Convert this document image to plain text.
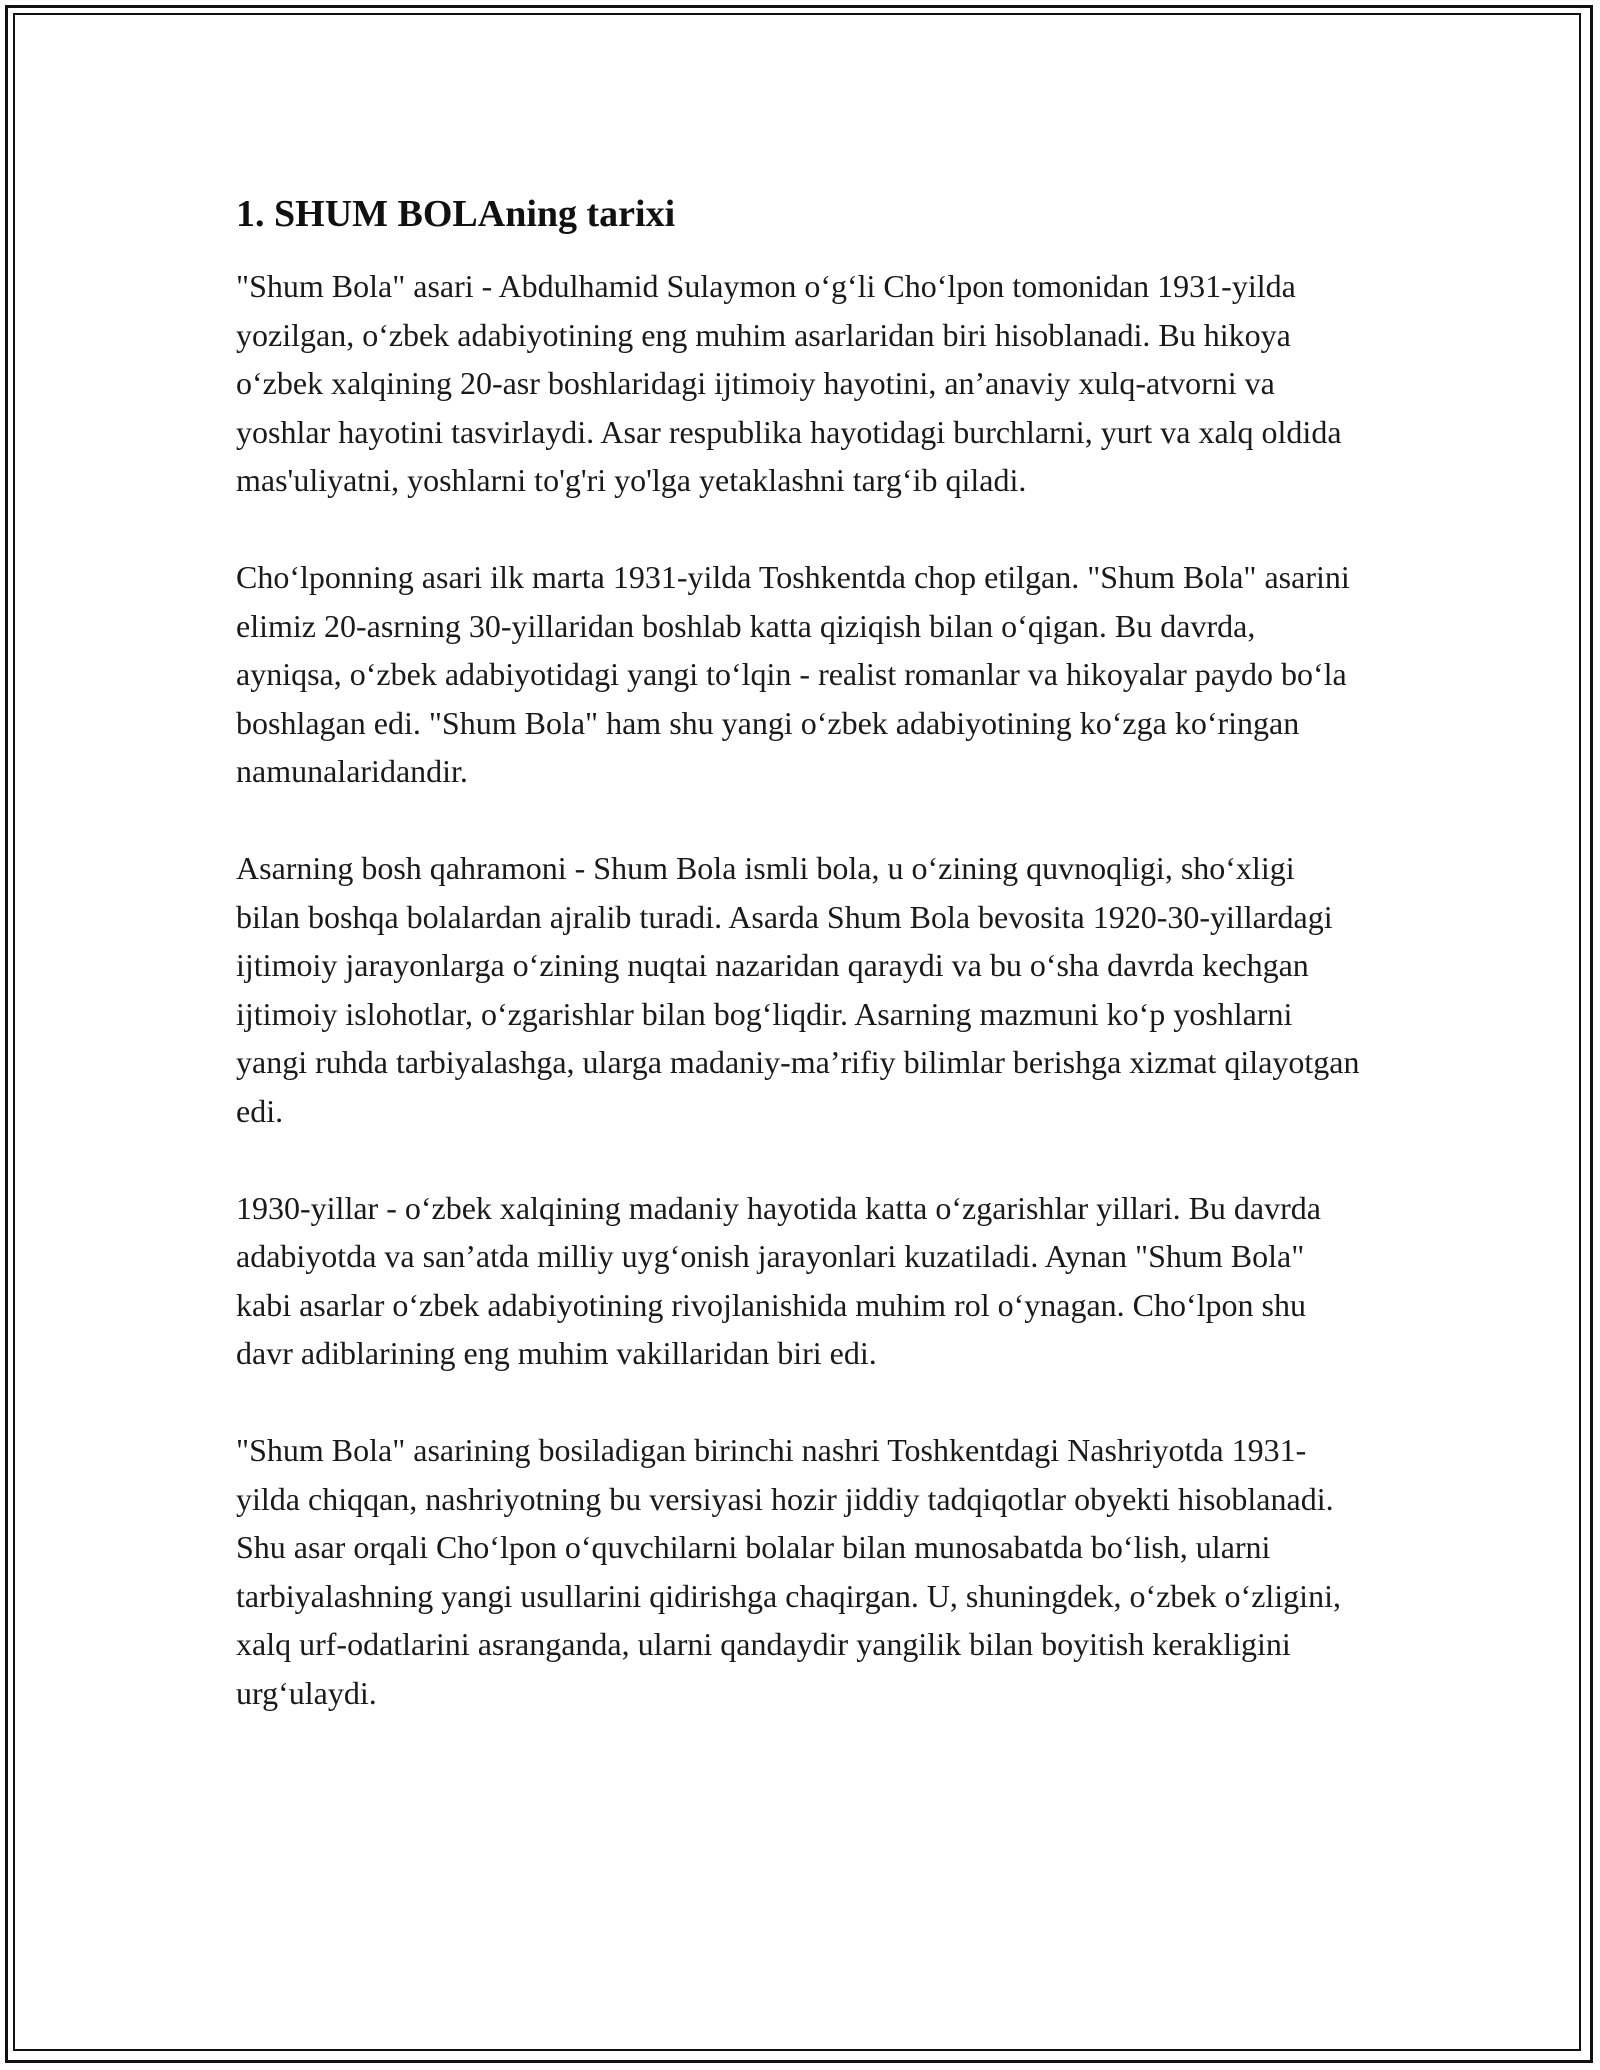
1. SHUM BOLAning tarixi

"Shum Bola" asari - Abdulhamid Sulaymon o‘g‘li Cho‘lpon tomonidan 1931-yilda yozilgan, o‘zbek adabiyotining eng muhim asarlaridan biri hisoblanadi. Bu hikoya o‘zbek xalqining 20-asr boshlaridagi ijtimoiy hayotini, an’anaviy xulq-atvorni va yoshlar hayotini tasvirlaydi. Asar respublika hayotidagi burchlarni, yurt va xalq oldida mas'uliyatni, yoshlarni to'g'ri yo'lga yetaklashni targ‘ib qiladi.

Cho‘lponning asari ilk marta 1931-yilda Toshkentda chop etilgan. "Shum Bola" asarini elimiz 20-asrning 30-yillaridan boshlab katta qiziqish bilan o‘qigan. Bu davrda, ayniqsa, o‘zbek adabiyotidagi yangi to‘lqin - realist romanlar va hikoyalar paydo bo‘la boshlagan edi. "Shum Bola" ham shu yangi o‘zbek adabiyotining ko‘zga ko‘ringan namunalaridandir.

Asarning bosh qahramoni - Shum Bola ismli bola, u o‘zining quvnoqligi, sho‘xligi bilan boshqa bolalardan ajralib turadi. Asarda Shum Bola bevosita 1920-30-yillardagi ijtimoiy jarayonlarga o‘zining nuqtai nazaridan qaraydi va bu o‘sha davrda kechgan ijtimoiy islohotlar, o‘zgarishlar bilan bog‘liqdir. Asarning mazmuni ko‘p yoshlarni yangi ruhda tarbiyalashga, ularga madaniy-ma’rifiy bilimlar berishga xizmat qilayotgan edi.

1930-yillar - o‘zbek xalqining madaniy hayotida katta o‘zgarishlar yillari. Bu davrda adabiyotda va san’atda milliy uyg‘onish jarayonlari kuzatiladi. Aynan "Shum Bola" kabi asarlar o‘zbek adabiyotining rivojlanishida muhim rol o‘ynagan. Cho‘lpon shu davr adiblarining eng muhim vakillaridan biri edi.

"Shum Bola" asarining bosiladigan birinchi nashri Toshkentdagi Nashriyotda 1931-yilda chiqqan, nashriyotning bu versiyasi hozir jiddiy tadqiqotlar obyekti hisoblanadi. Shu asar orqali Cho‘lpon o‘quvchilarni bolalar bilan munosabatda bo‘lish, ularni tarbiyalashning yangi usullarini qidirishga chaqirgan. U, shuningdek, o‘zbek o‘zligini, xalq urf-odatlarini asranganda, ularni qandaydir yangilik bilan boyitish kerakligini urg‘ulaydi.
